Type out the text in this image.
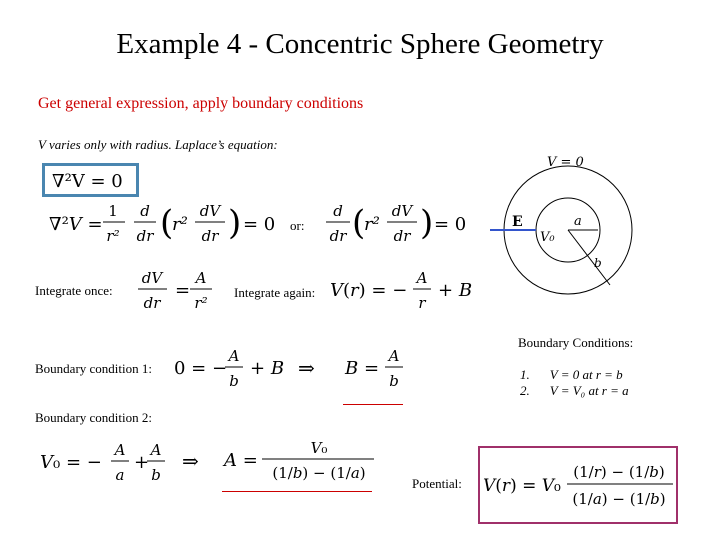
Example 4 - Concentric Sphere Geometry
Get general expression, apply boundary conditions
V varies only with radius. Laplace’s equation:
∇²V = 0
∇²V =
1
r²
d
dr (
r²
dV
dr ) = 0 or:
d
dr (
r²
dV
dr ) = 0
Integrate once:
dV
dr
=
A
r²
Integrate again: V(r) = −
A
r
+ B
Boundary condition 1: 0 = −
A
b
+ B ⇒ B =
A
b
Boundary condition 2:
V₀ = −
A
a
+
A
b
⇒ A =
V₀
(1/b) − (1/a)
Potential: V(r) = V₀
(1/r) − (1/b)
(1/a) − (1/b)
Boundary Conditions:
1. V = 0 at r = b
2. V = V₀ at r = a
V = 0
E
V₀
a
b
